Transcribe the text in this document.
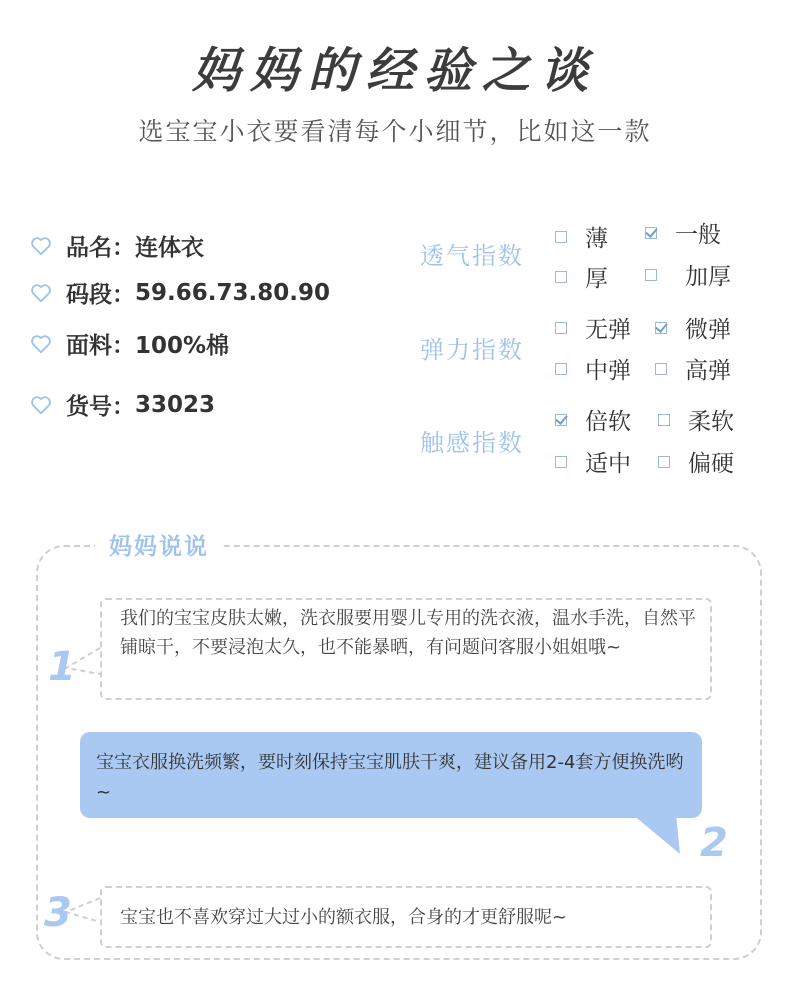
妈妈的经验之谈
选宝宝小衣要看清每个小细节，比如这一款
品名： 连体衣
码段： 59.66.73.80.90
面料： 100%棉
货号： 33023
透气指数
薄	一般
厚	加厚
弹力指数
无弹 微弹
中弹 高弹
触感指数
倍软 柔软
适中 偏硬
妈妈说说
1
我们的宝宝皮肤太嫩，洗衣服要用婴儿专用的洗衣液，温水手洗，自然平铺晾干，不要浸泡太久，也不能暴晒，有问题问客服小姐姐哦~
宝宝衣服换洗频繁，要时刻保持宝宝肌肤干爽，建议备用2-4套方便换洗哟~
2
3	宝宝也不喜欢穿过大过小的额衣服，合身的才更舒服呢~
